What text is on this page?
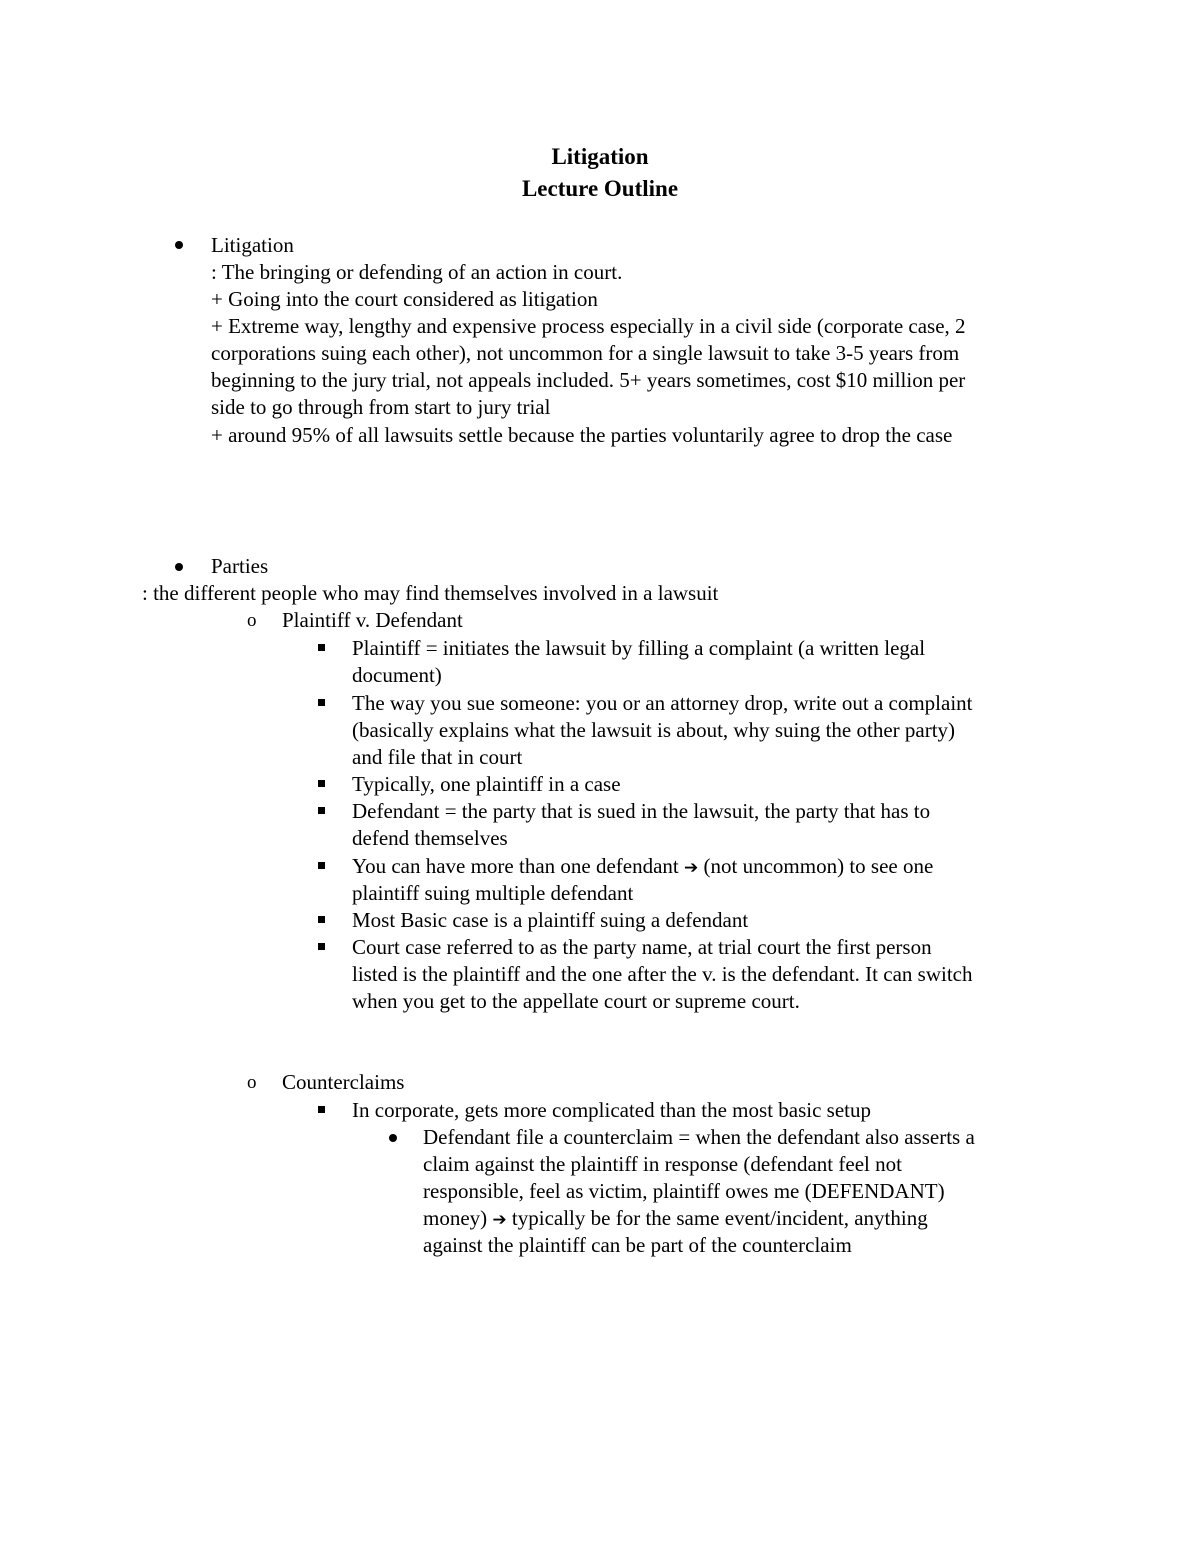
Litigation
Lecture Outline
Litigation
: The bringing or defending of an action in court.
+ Going into the court considered as litigation
+ Extreme way, lengthy and expensive process especially in a civil side (corporate case, 2
corporations suing each other), not uncommon for a single lawsuit to take 3-5 years from
beginning to the jury trial, not appeals included. 5+ years sometimes, cost $10 million per
side to go through from start to jury trial
+ around 95% of all lawsuits settle because the parties voluntarily agree to drop the case
Parties
: the different people who may find themselves involved in a lawsuit
o Plaintiff v. Defendant
Plaintiff = initiates the lawsuit by filling a complaint (a written legal
document)
The way you sue someone: you or an attorney drop, write out a complaint
(basically explains what the lawsuit is about, why suing the other party)
and file that in court
Typically, one plaintiff in a case
Defendant = the party that is sued in the lawsuit, the party that has to
defend themselves
You can have more than one defendant ➔ (not uncommon) to see one
plaintiff suing multiple defendant
Most Basic case is a plaintiff suing a defendant
Court case referred to as the party name, at trial court the first person
listed is the plaintiff and the one after the v. is the defendant. It can switch
when you get to the appellate court or supreme court.
o Counterclaims
In corporate, gets more complicated than the most basic setup
Defendant file a counterclaim = when the defendant also asserts a
claim against the plaintiff in response (defendant feel not
responsible, feel as victim, plaintiff owes me (DEFENDANT)
money) ➔ typically be for the same event/incident, anything
against the plaintiff can be part of the counterclaim
